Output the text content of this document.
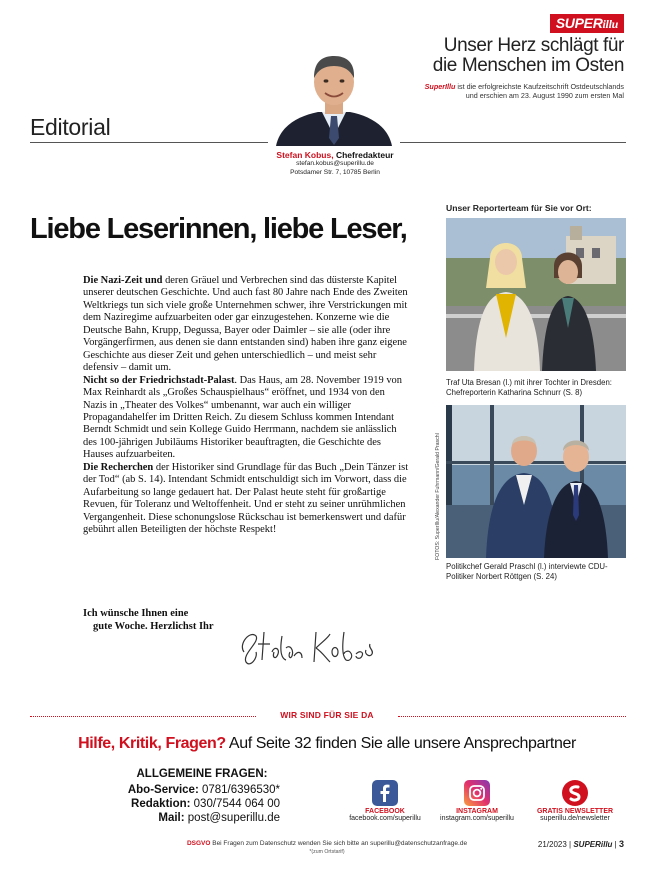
SUPERillu
Unser Herz schlägt für
die Menschen im Osten
SuperIllu ist die erfolgreichste Kaufzeitschrift Ostdeutschlands
und erschien am 23. August 1990 zum ersten Mal
Editorial
Stefan Kobus, Chefredakteur
stefan.kobus@superillu.de
Potsdamer Str. 7, 10785 Berlin
Liebe Leserinnen, liebe Leser,

Die Nazi-Zeit und deren Gräuel und Verbrechen sind das düsterste Kapitel unserer deutschen Geschichte. Und auch fast 80 Jahre nach Ende des Zweiten Weltkriegs tun sich viele große Unternehmen schwer, ihre Verstrickungen mit dem Naziregime aufzuarbeiten oder gar einzugestehen. Konzerne wie die Deutsche Bahn, Krupp, Degussa, Bayer oder Daimler – sie alle (oder ihre Vorgängerfirmen, aus denen sie dann entstanden sind) haben ihre ganz eigene Geschichte aus dieser Zeit und gehen unterschiedlich – und meist sehr defensiv – damit um.

Nicht so der Friedrichstadt-Palast. Das Haus, am 28. November 1919 von Max Reinhardt als „Großes Schauspielhaus“ eröffnet, und 1934 von den Nazis in „Theater des Volkes“ umbenannt, war auch ein williger Propagandahelfer im Dritten Reich. Zu diesem Schluss kommen Intendant Berndt Schmidt und sein Kollege Guido Herrmann, nachdem sie anlässlich des 100-jährigen Jubiläums Historiker beauftragten, die Geschichte des Hauses aufzuarbeiten.

Die Recherchen der Historiker sind Grundlage für das Buch „Dein Tänzer ist der Tod“ (ab S. 14). Intendant Schmidt entschuldigt sich im Vorwort, dass die Aufarbeitung so lange gedauert hat. Der Palast heute steht für großartige Revuen, für Toleranz und Weltoffenheit. Und er steht zu seiner unrühmlichen Vergangenheit. Diese schonungslose Rückschau ist bemerkenswert und dafür gebührt allen Beteiligten der höchste Respekt!

Ich wünsche Ihnen eine
gute Woche. Herzlichst Ihr
Unser Reporterteam für Sie vor Ort:
Traf Uta Bresan (l.) mit ihrer Tochter in Dresden: Chefreporterin Katharina Schnurr (S. 8)
Politikchef Gerald Praschl (l.) interviewte CDU-Politiker Norbert Röttgen (S. 24)
FOTOS: SuperIllu/Alexander Fuhrmann/Gerald Praschl
WIR SIND FÜR SIE DA
Hilfe, Kritik, Fragen? Auf Seite 32 finden Sie alle unsere Ansprechpartner
ALLGEMEINE FRAGEN:
Abo-Service: 0781/6396530*
Redaktion: 030/7544 064 00
Mail: post@superillu.de
FACEBOOK
facebook.com/superillu
INSTAGRAM
instagram.com/superillu
GRATIS NEWSLETTER
superillu.de/newsletter
DSGVO Bei Fragen zum Datenschutz wenden Sie sich bitte an superillu@datenschutzanfrage.de
*(zum Ortstarif)
21/2023 | SUPERillu | 3
